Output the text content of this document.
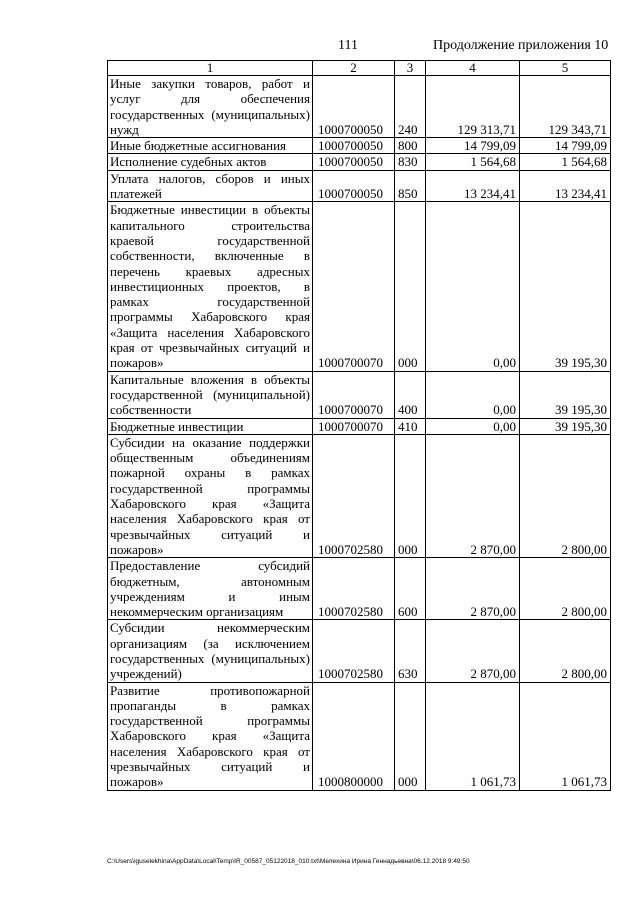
111	Продолжение приложения 10
1	2	3	4	5
Иные закупки товаров, работ и услуг для обеспечения государственных (муниципальных) нужд	1000700050	240	129 313,71	129 343,71
Иные бюджетные ассигнования	1000700050	800	14 799,09	14 799,09
Исполнение судебных актов	1000700050	830	1 564,68	1 564,68
Уплата налогов, сборов и иных платежей	1000700050	850	13 234,41	13 234,41
Бюджетные инвестиции в объекты капитального строительства краевой государственной собственности, включенные в перечень краевых адресных инвестиционных проектов, в рамках государственной программы Хабаровского края «Защита населения Хабаровского края от чрезвычайных ситуаций и пожаров»	1000700070	000	0,00	39 195,30
Капитальные вложения в объекты государственной (муниципальной) собственности	1000700070	400	0,00	39 195,30
Бюджетные инвестиции	1000700070	410	0,00	39 195,30
Субсидии на оказание поддержки общественным объединениям пожарной охраны в рамках государственной программы Хабаровского края «Защита населения Хабаровского края от чрезвычайных ситуаций и пожаров»	1000702580	000	2 870,00	2 800,00
Предоставление субсидий бюджетным, автономным учреждениям и иным некоммерческим организациям	1000702580	600	2 870,00	2 800,00
Субсидии некоммерческим организациям (за исключением государственных (муниципальных) учреждений)	1000702580	630	2 870,00	2 800,00
Развитие противопожарной пропаганды в рамках государственной программы Хабаровского края «Защита населения Хабаровского края от чрезвычайных ситуаций и пожаров»	1000800000	000	1 061,73	1 061,73
C:\Users\iguselekhina\AppData\Local\Temp\IR_00587_05122018_010.txt\Мелехина Ирина Геннадьевна\06.12.2018 9:49:50
